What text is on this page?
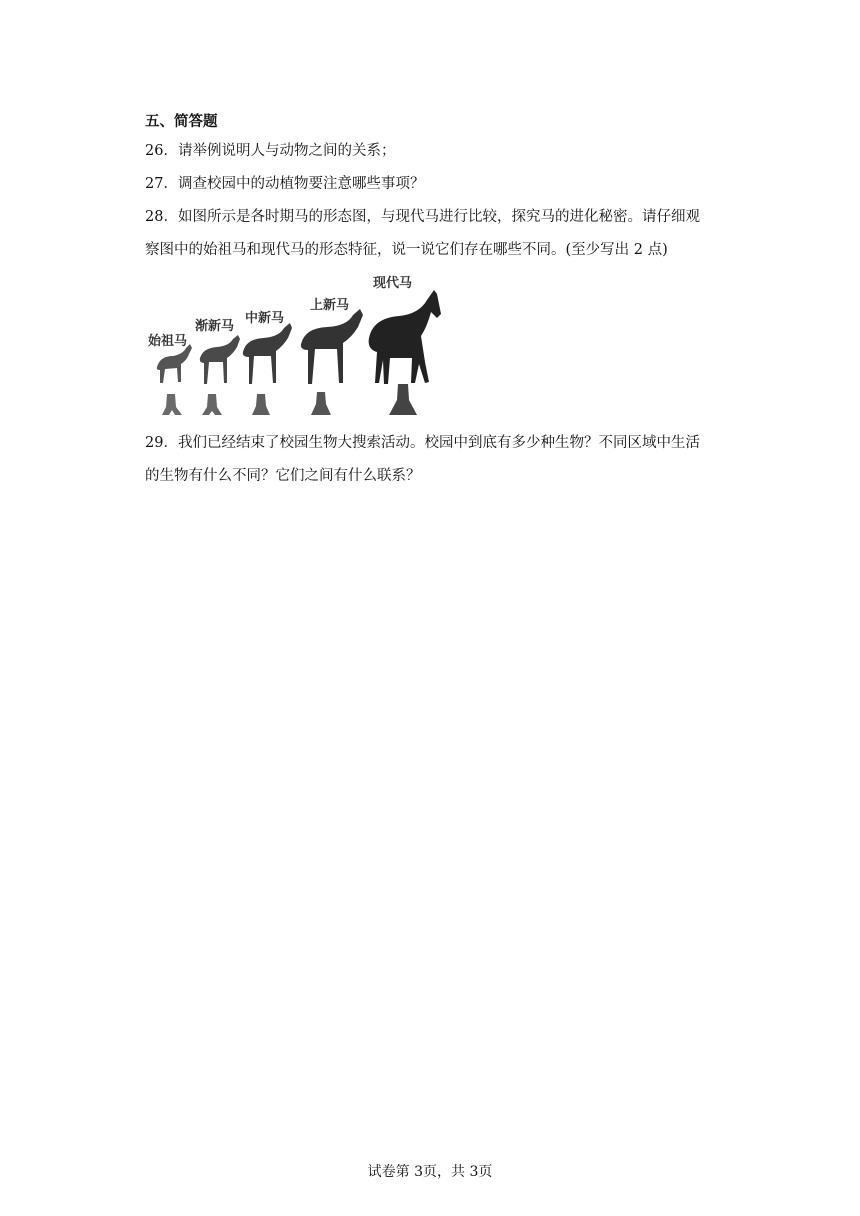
五、简答题
26．请举例说明人与动物之间的关系；
27．调查校园中的动植物要注意哪些事项？
28．如图所示是各时期马的形态图，与现代马进行比较，探究马的进化秘密。请仔细观
察图中的始祖马和现代马的形态特征，说一说它们存在哪些不同。(至少写出 2 点)
始祖马
渐新马
中新马
上新马
现代马
29．我们已经结束了校园生物大搜索活动。校园中到底有多少种生物？不同区域中生活
的生物有什么不同？它们之间有什么联系？
试卷第 3页，共 3页
